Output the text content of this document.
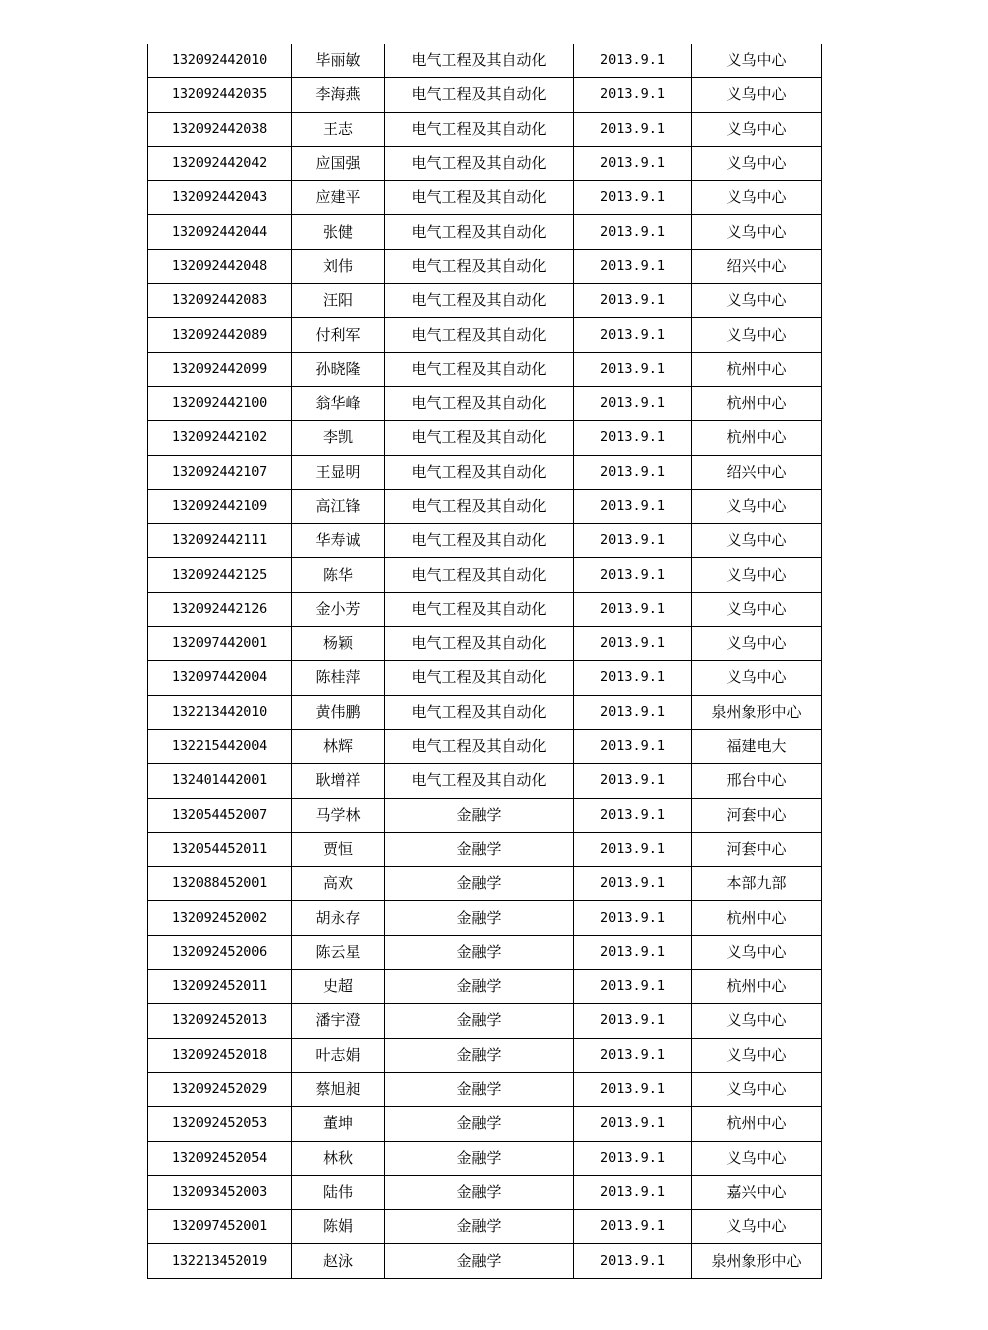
132092442010	毕丽敏	电气工程及其自动化	2013.9.1	义乌中心
132092442035	李海燕	电气工程及其自动化	2013.9.1	义乌中心
132092442038	王志	电气工程及其自动化	2013.9.1	义乌中心
132092442042	应国强	电气工程及其自动化	2013.9.1	义乌中心
132092442043	应建平	电气工程及其自动化	2013.9.1	义乌中心
132092442044	张健	电气工程及其自动化	2013.9.1	义乌中心
132092442048	刘伟	电气工程及其自动化	2013.9.1	绍兴中心
132092442083	汪阳	电气工程及其自动化	2013.9.1	义乌中心
132092442089	付利军	电气工程及其自动化	2013.9.1	义乌中心
132092442099	孙晓隆	电气工程及其自动化	2013.9.1	杭州中心
132092442100	翁华峰	电气工程及其自动化	2013.9.1	杭州中心
132092442102	李凯	电气工程及其自动化	2013.9.1	杭州中心
132092442107	王显明	电气工程及其自动化	2013.9.1	绍兴中心
132092442109	高江锋	电气工程及其自动化	2013.9.1	义乌中心
132092442111	华寿诚	电气工程及其自动化	2013.9.1	义乌中心
132092442125	陈华	电气工程及其自动化	2013.9.1	义乌中心
132092442126	金小芳	电气工程及其自动化	2013.9.1	义乌中心
132097442001	杨颖	电气工程及其自动化	2013.9.1	义乌中心
132097442004	陈桂萍	电气工程及其自动化	2013.9.1	义乌中心
132213442010	黄伟鹏	电气工程及其自动化	2013.9.1	泉州象形中心
132215442004	林辉	电气工程及其自动化	2013.9.1	福建电大
132401442001	耿增祥	电气工程及其自动化	2013.9.1	邢台中心
132054452007	马学林	金融学	2013.9.1	河套中心
132054452011	贾恒	金融学	2013.9.1	河套中心
132088452001	高欢	金融学	2013.9.1	本部九部
132092452002	胡永存	金融学	2013.9.1	杭州中心
132092452006	陈云星	金融学	2013.9.1	义乌中心
132092452011	史超	金融学	2013.9.1	杭州中心
132092452013	潘宇澄	金融学	2013.9.1	义乌中心
132092452018	叶志娟	金融学	2013.9.1	义乌中心
132092452029	蔡旭昶	金融学	2013.9.1	义乌中心
132092452053	董坤	金融学	2013.9.1	杭州中心
132092452054	林秋	金融学	2013.9.1	义乌中心
132093452003	陆伟	金融学	2013.9.1	嘉兴中心
132097452001	陈娟	金融学	2013.9.1	义乌中心
132213452019	赵泳	金融学	2013.9.1	泉州象形中心
